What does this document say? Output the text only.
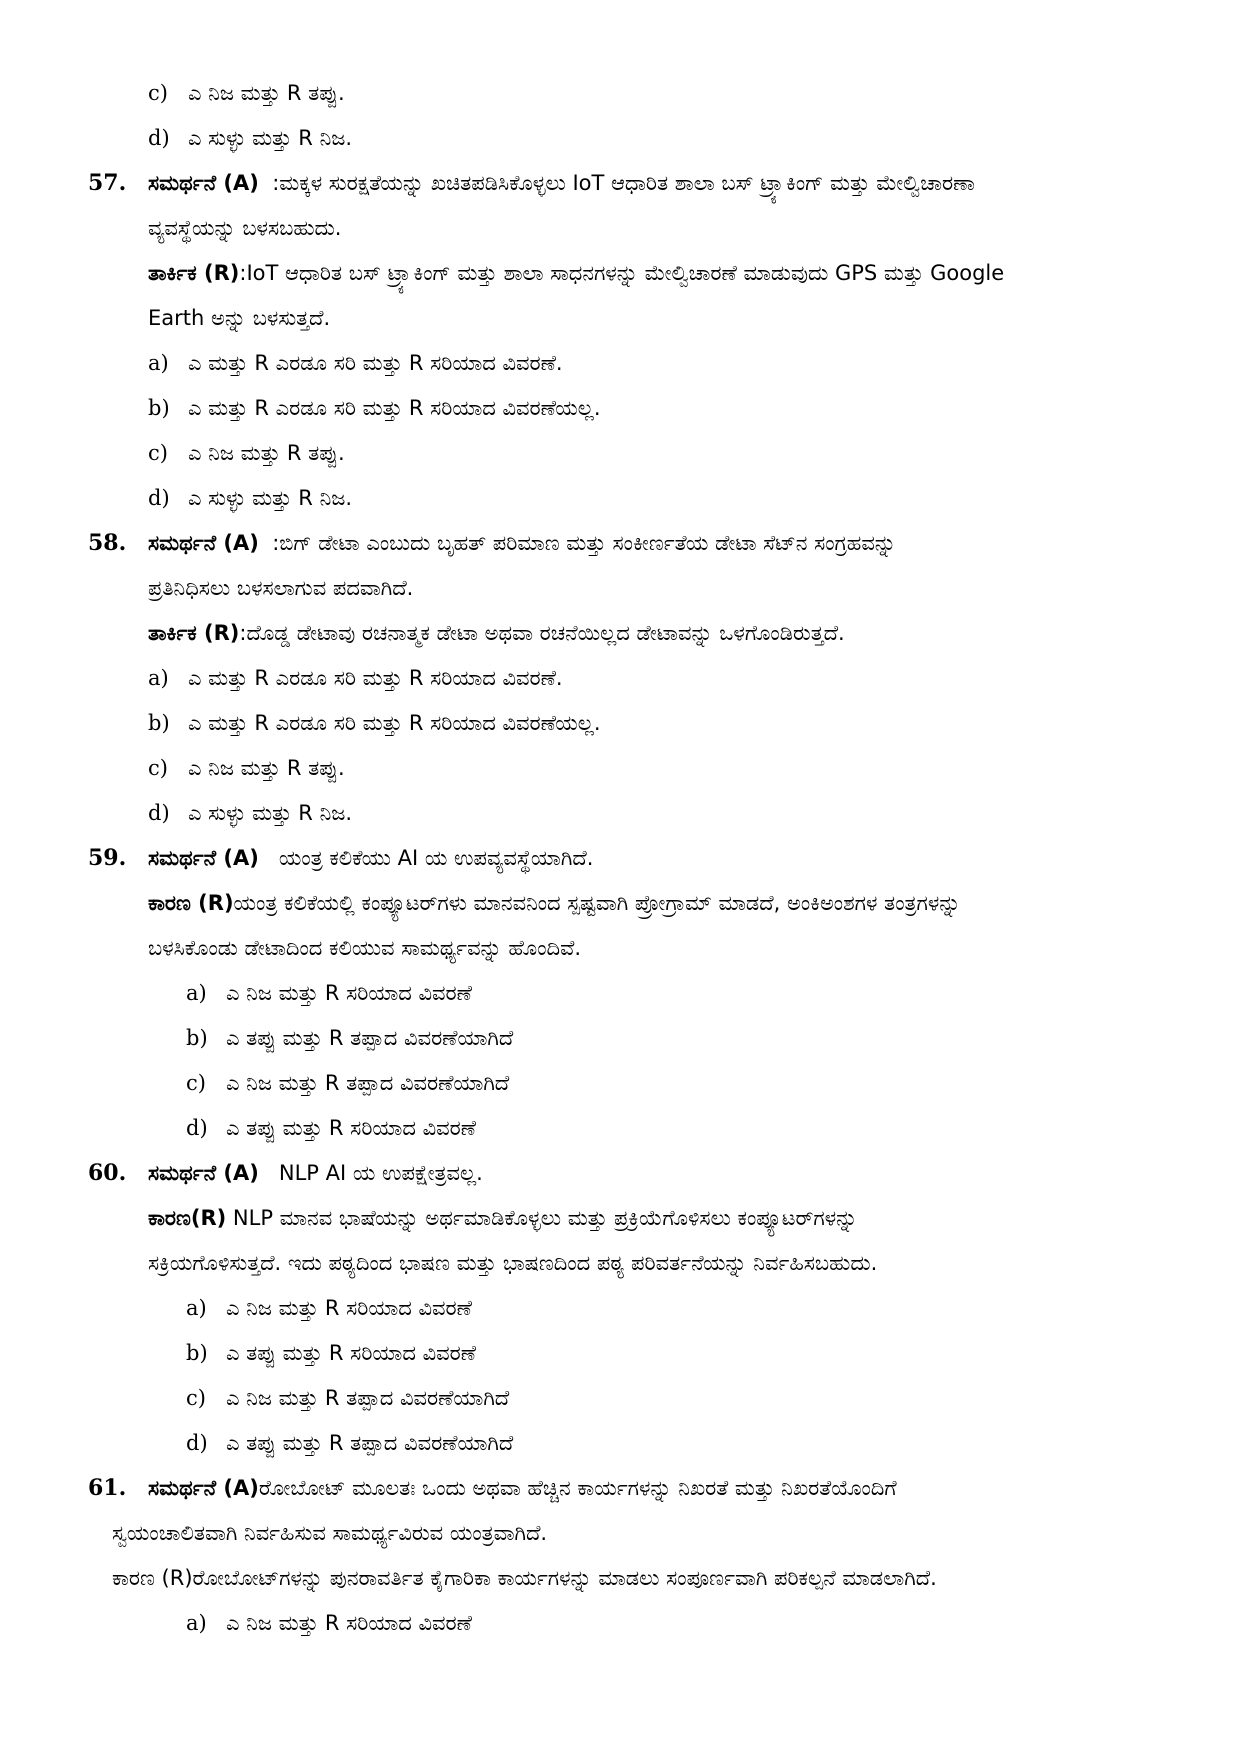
c) ಎ ನಿಜ ಮತ್ತು R ತಪ್ಪು.
d) ಎ ಸುಳ್ಳು ಮತ್ತು R ನಿಜ.
57. ಸಮರ್ಥನೆ (A) :ಮಕ್ಕಳ ಸುರಕ್ಷತೆಯನ್ನು ಖಚಿತಪಡಿಸಿಕೊಳ್ಳಲು IoT ಆಧಾರಿತ ಶಾಲಾ ಬಸ್ ಟ್ರ್ಯಾಕಿಂಗ್ ಮತ್ತು ಮೇಲ್ವಿಚಾರಣಾ
ವ್ಯವಸ್ಥೆಯನ್ನು ಬಳಸಬಹುದು.
ತಾರ್ಕಿಕ (R):IoT ಆಧಾರಿತ ಬಸ್ ಟ್ರ್ಯಾಕಿಂಗ್ ಮತ್ತು ಶಾಲಾ ಸಾಧನಗಳನ್ನು ಮೇಲ್ವಿಚಾರಣೆ ಮಾಡುವುದು GPS ಮತ್ತು Google
Earth ಅನ್ನು ಬಳಸುತ್ತದೆ.
a) ಎ ಮತ್ತು R ಎರಡೂ ಸರಿ ಮತ್ತು R ಸರಿಯಾದ ವಿವರಣೆ.
b) ಎ ಮತ್ತು R ಎರಡೂ ಸರಿ ಮತ್ತು R ಸರಿಯಾದ ವಿವರಣೆಯಲ್ಲ.
c) ಎ ನಿಜ ಮತ್ತು R ತಪ್ಪು.
d) ಎ ಸುಳ್ಳು ಮತ್ತು R ನಿಜ.
58. ಸಮರ್ಥನೆ (A) :ಬಿಗ್ ಡೇಟಾ ಎಂಬುದು ಬೃಹತ್ ಪರಿಮಾಣ ಮತ್ತು ಸಂಕೀರ್ಣತೆಯ ಡೇಟಾ ಸೆಟ್‌ನ ಸಂಗ್ರಹವನ್ನು
ಪ್ರತಿನಿಧಿಸಲು ಬಳಸಲಾಗುವ ಪದವಾಗಿದೆ.
ತಾರ್ಕಿಕ (R):ದೊಡ್ಡ ಡೇಟಾವು ರಚನಾತ್ಮಕ ಡೇಟಾ ಅಥವಾ ರಚನೆಯಿಲ್ಲದ ಡೇಟಾವನ್ನು ಒಳಗೊಂಡಿರುತ್ತದೆ.
a) ಎ ಮತ್ತು R ಎರಡೂ ಸರಿ ಮತ್ತು R ಸರಿಯಾದ ವಿವರಣೆ.
b) ಎ ಮತ್ತು R ಎರಡೂ ಸರಿ ಮತ್ತು R ಸರಿಯಾದ ವಿವರಣೆಯಲ್ಲ.
c) ಎ ನಿಜ ಮತ್ತು R ತಪ್ಪು.
d) ಎ ಸುಳ್ಳು ಮತ್ತು R ನಿಜ.
59. ಸಮರ್ಥನೆ (A) ಯಂತ್ರ ಕಲಿಕೆಯು AI ಯ ಉಪವ್ಯವಸ್ಥೆಯಾಗಿದೆ.
ಕಾರಣ (R)ಯಂತ್ರ ಕಲಿಕೆಯಲ್ಲಿ ಕಂಪ್ಯೂಟರ್‌ಗಳು ಮಾನವನಿಂದ ಸ್ಪಷ್ಟವಾಗಿ ಪ್ರೋಗ್ರಾಮ್ ಮಾಡದೆ, ಅಂಕಿಅಂಶಗಳ ತಂತ್ರಗಳನ್ನು
ಬಳಸಿಕೊಂಡು ಡೇಟಾದಿಂದ ಕಲಿಯುವ ಸಾಮರ್ಥ್ಯವನ್ನು ಹೊಂದಿವೆ.
a) ಎ ನಿಜ ಮತ್ತು R ಸರಿಯಾದ ವಿವರಣೆ
b) ಎ ತಪ್ಪು ಮತ್ತು R ತಪ್ಪಾದ ವಿವರಣೆಯಾಗಿದೆ
c) ಎ ನಿಜ ಮತ್ತು R ತಪ್ಪಾದ ವಿವರಣೆಯಾಗಿದೆ
d) ಎ ತಪ್ಪು ಮತ್ತು R ಸರಿಯಾದ ವಿವರಣೆ
60. ಸಮರ್ಥನೆ (A) NLP AI ಯ ಉಪಕ್ಷೇತ್ರವಲ್ಲ.
ಕಾರಣ(R) NLP ಮಾನವ ಭಾಷೆಯನ್ನು ಅರ್ಥಮಾಡಿಕೊಳ್ಳಲು ಮತ್ತು ಪ್ರಕ್ರಿಯೆಗೊಳಿಸಲು ಕಂಪ್ಯೂಟರ್‌ಗಳನ್ನು
ಸಕ್ರಿಯಗೊಳಿಸುತ್ತದೆ. ಇದು ಪಠ್ಯದಿಂದ ಭಾಷಣ ಮತ್ತು ಭಾಷಣದಿಂದ ಪಠ್ಯ ಪರಿವರ್ತನೆಯನ್ನು ನಿರ್ವಹಿಸಬಹುದು.
a) ಎ ನಿಜ ಮತ್ತು R ಸರಿಯಾದ ವಿವರಣೆ
b) ಎ ತಪ್ಪು ಮತ್ತು R ಸರಿಯಾದ ವಿವರಣೆ
c) ಎ ನಿಜ ಮತ್ತು R ತಪ್ಪಾದ ವಿವರಣೆಯಾಗಿದೆ
d) ಎ ತಪ್ಪು ಮತ್ತು R ತಪ್ಪಾದ ವಿವರಣೆಯಾಗಿದೆ
61. ಸಮರ್ಥನೆ (A)ರೋಬೋಟ್ ಮೂಲತಃ ಒಂದು ಅಥವಾ ಹೆಚ್ಚಿನ ಕಾರ್ಯಗಳನ್ನು ನಿಖರತೆ ಮತ್ತು ನಿಖರತೆಯೊಂದಿಗೆ
ಸ್ವಯಂಚಾಲಿತವಾಗಿ ನಿರ್ವಹಿಸುವ ಸಾಮರ್ಥ್ಯವಿರುವ ಯಂತ್ರವಾಗಿದೆ.
ಕಾರಣ (R)ರೋಬೋಟ್‌ಗಳನ್ನು ಪುನರಾವರ್ತಿತ ಕೈಗಾರಿಕಾ ಕಾರ್ಯಗಳನ್ನು ಮಾಡಲು ಸಂಪೂರ್ಣವಾಗಿ ಪರಿಕಲ್ಪನೆ ಮಾಡಲಾಗಿದೆ.
a) ಎ ನಿಜ ಮತ್ತು R ಸರಿಯಾದ ವಿವರಣೆ
